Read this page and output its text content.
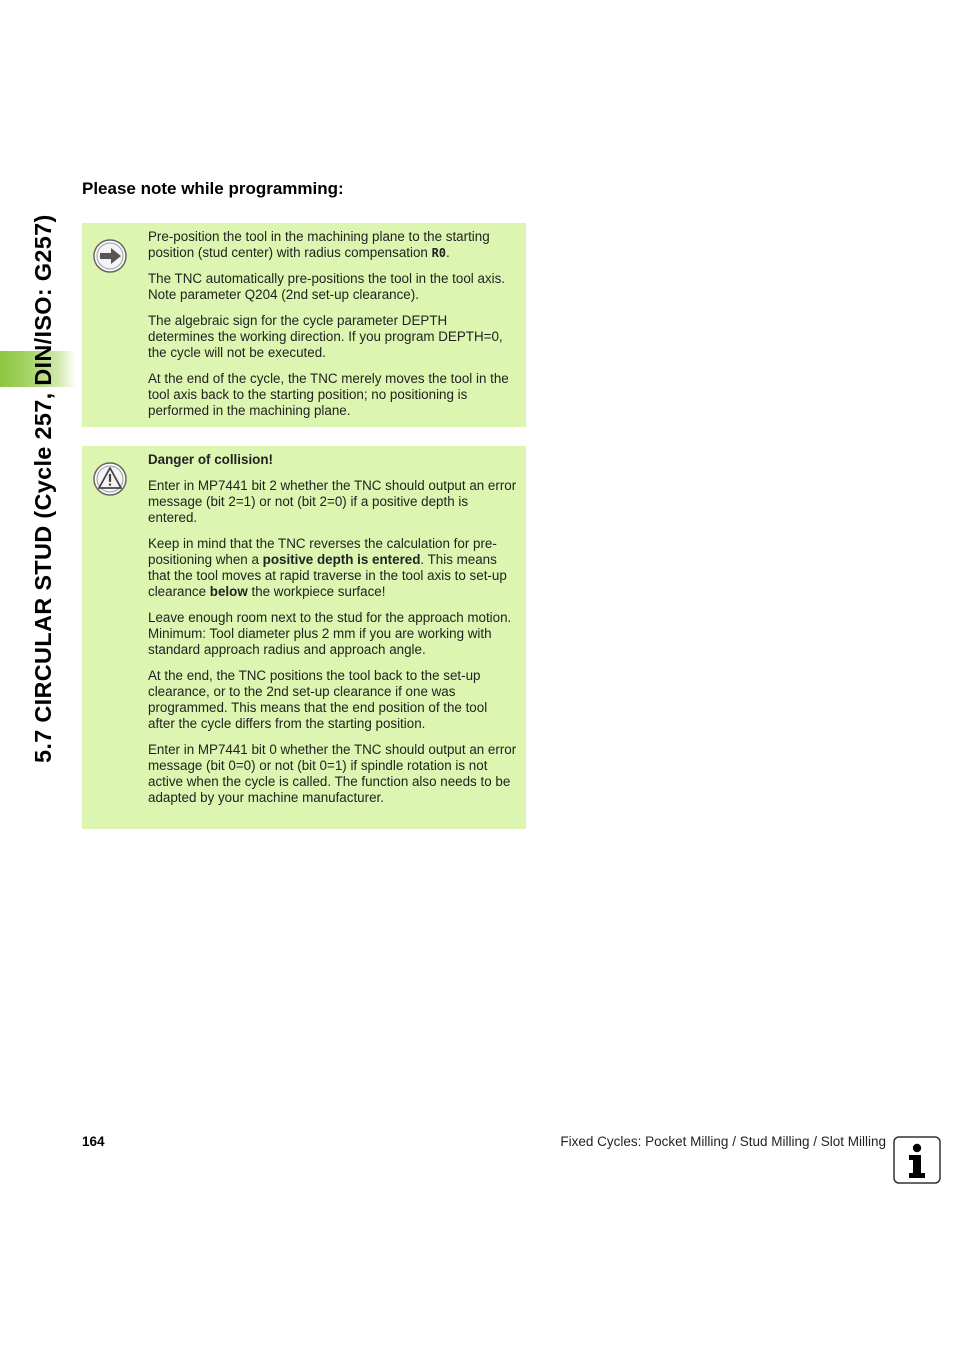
5.7 CIRCULAR STUD (Cycle 257, DIN/ISO: G257)
Please note while programming:

Pre-position the tool in the machining plane to the starting position (stud center) with radius compensation R0.

The TNC automatically pre-positions the tool in the tool axis. Note parameter Q204 (2nd set-up clearance).

The algebraic sign for the cycle parameter DEPTH determines the working direction. If you program DEPTH=0, the cycle will not be executed.

At the end of the cycle, the TNC merely moves the tool in the tool axis back to the starting position; no positioning is performed in the machining plane.

Danger of collision!

Enter in MP7441 bit 2 whether the TNC should output an error message (bit 2=1) or not (bit 2=0) if a positive depth is entered.

Keep in mind that the TNC reverses the calculation for pre-positioning when a positive depth is entered. This means that the tool moves at rapid traverse in the tool axis to set-up clearance below the workpiece surface!

Leave enough room next to the stud for the approach motion. Minimum: Tool diameter plus 2 mm if you are working with standard approach radius and approach angle.

At the end, the TNC positions the tool back to the set-up clearance, or to the 2nd set-up clearance if one was programmed. This means that the end position of the tool after the cycle differs from the starting position.

Enter in MP7441 bit 0 whether the TNC should output an error message (bit 0=0) or not (bit 0=1) if spindle rotation is not active when the cycle is called. The function also needs to be adapted by your machine manufacturer.

164	Fixed Cycles: Pocket Milling / Stud Milling / Slot Milling
